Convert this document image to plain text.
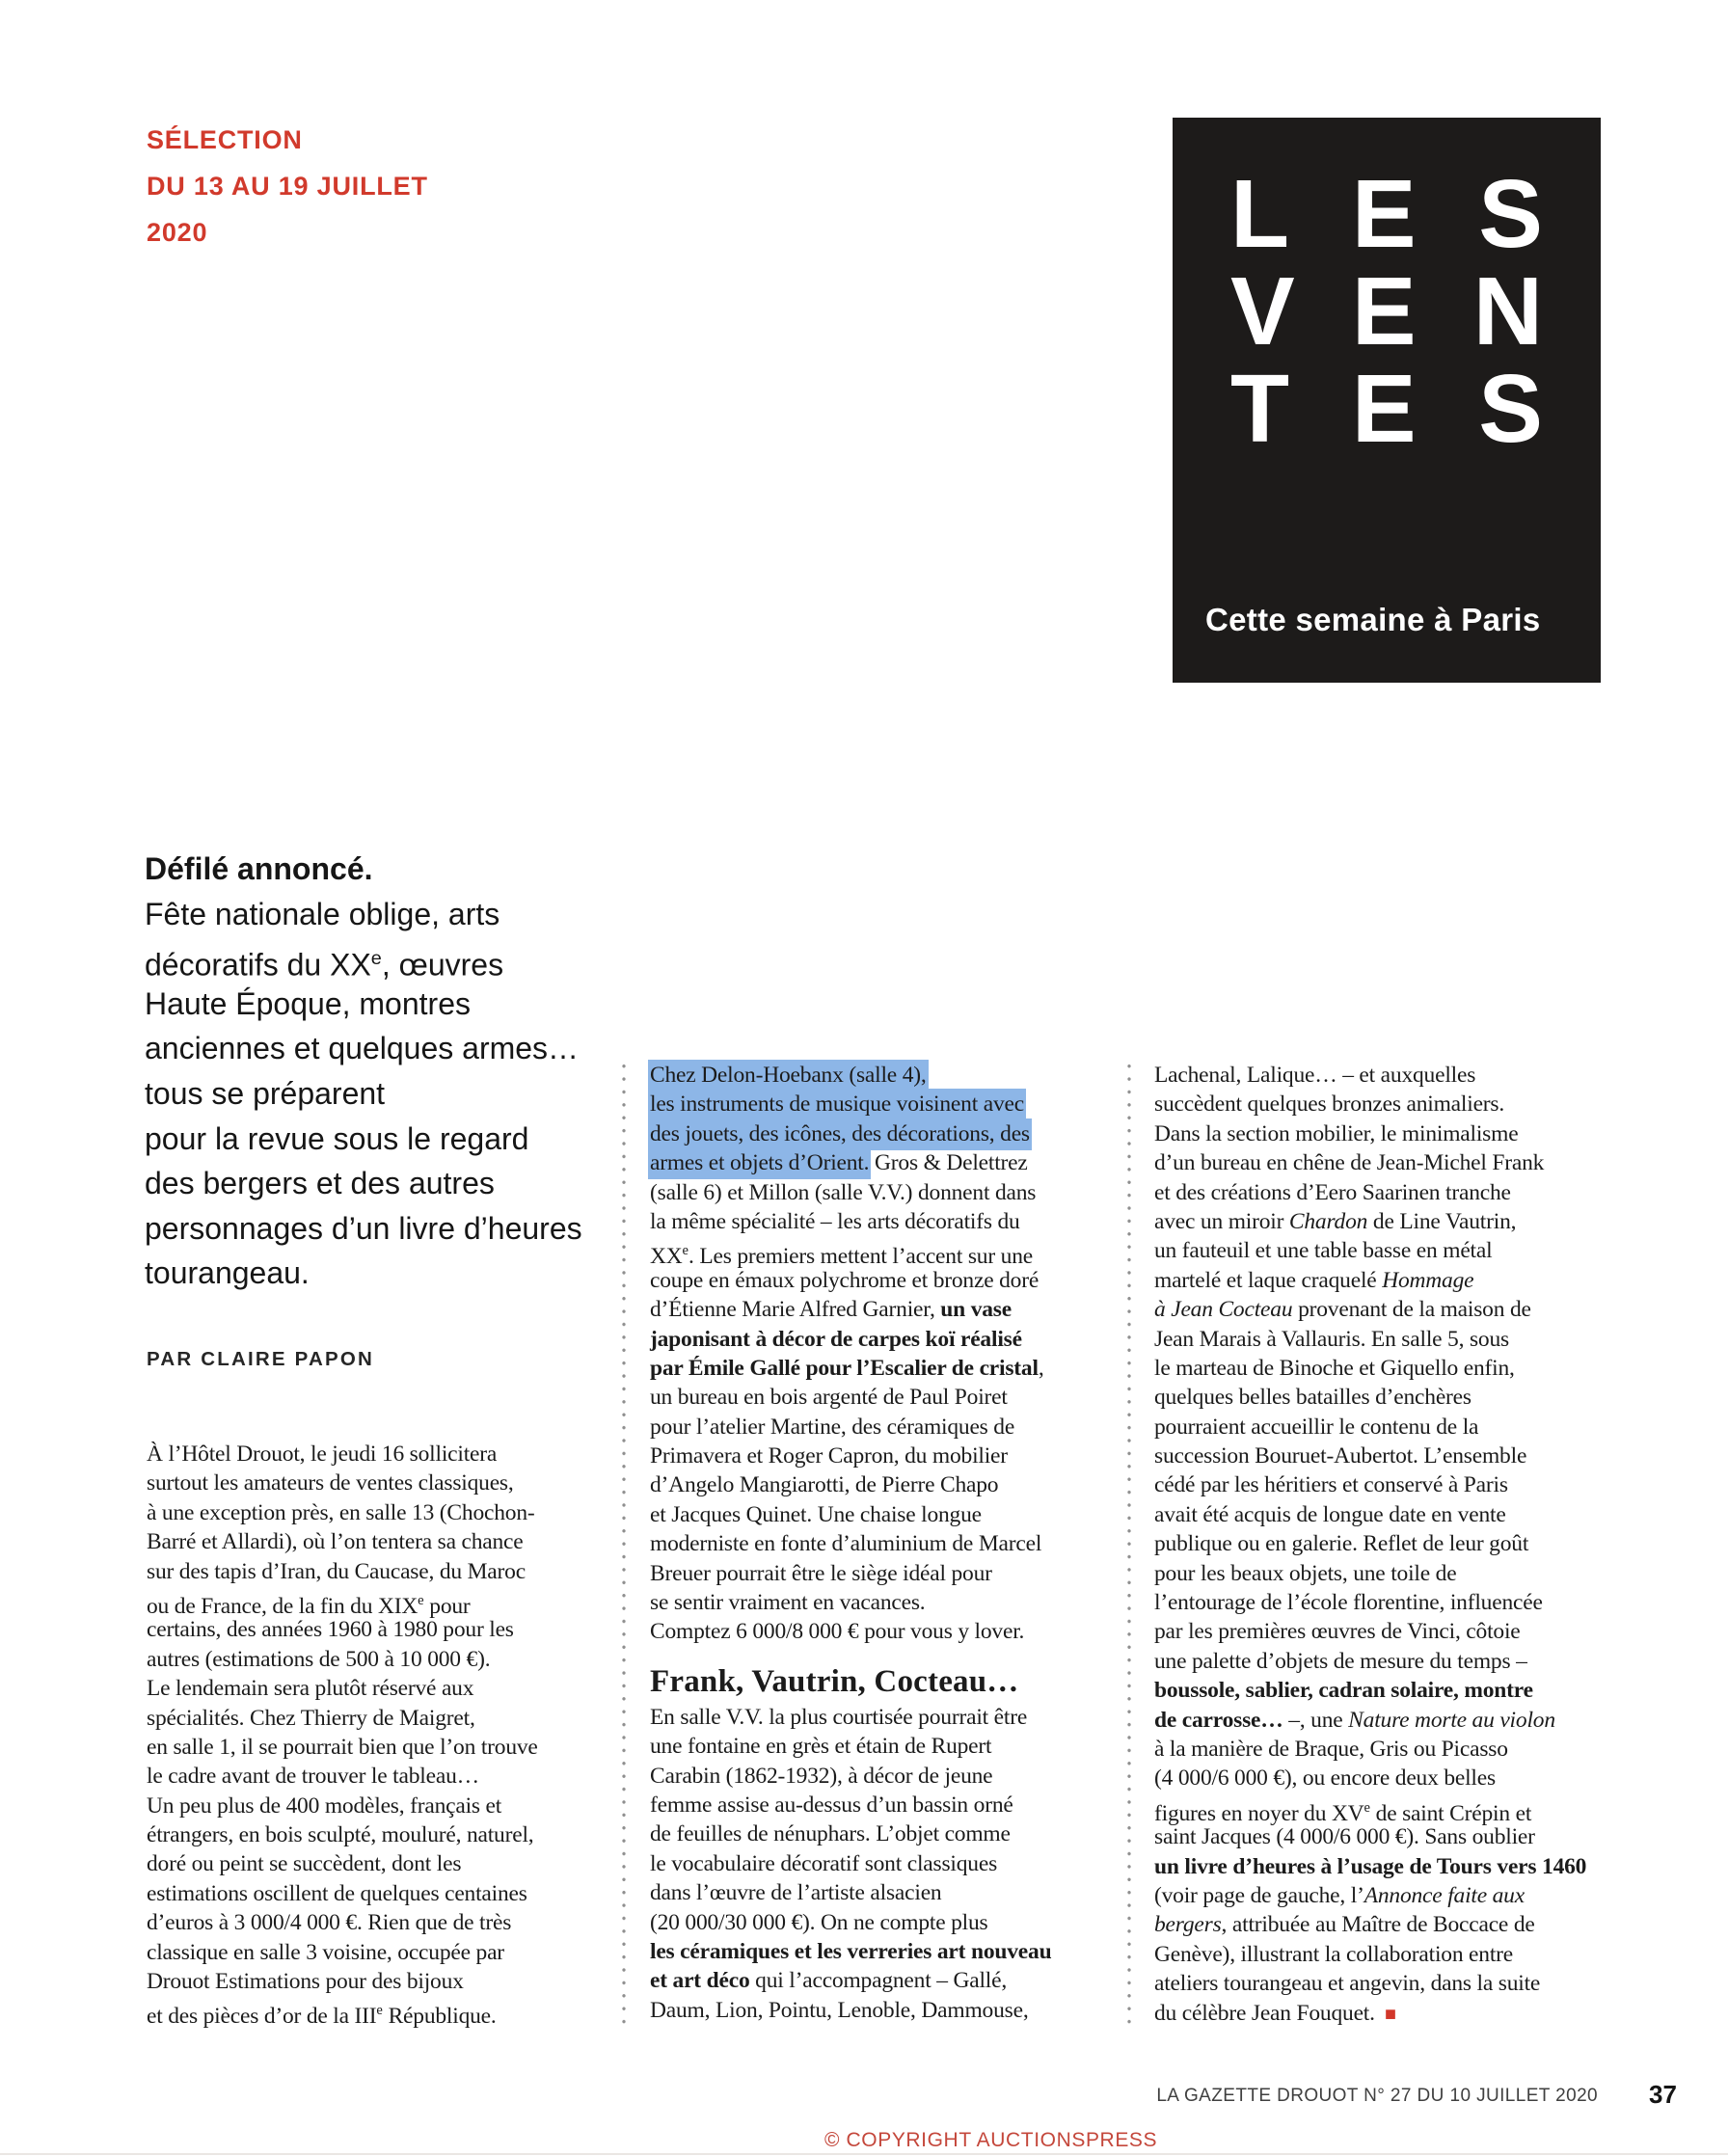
SÉLECTION
DU 13 AU 19 JUILLET
2020	L E S
V E N
T E S
Cette semaine à Paris
Défilé annoncé.
Fête nationale oblige, arts
décoratifs du XXe, œuvres
Haute Époque, montres
anciennes et quelques armes…
tous se préparent
pour la revue sous le regard
des bergers et des autres
personnages d’un livre d’heures
tourangeau.
PAR CLAIRE PAPON
À l’Hôtel Drouot, le jeudi 16 sollicitera
surtout les amateurs de ventes classiques,
à une exception près, en salle 13 (Chochon-
Barré et Allardi), où l’on tentera sa chance
sur des tapis d’Iran, du Caucase, du Maroc
ou de France, de la fin du XIXe pour
certains, des années 1960 à 1980 pour les
autres (estimations de 500 à 10 000 €).
Le lendemain sera plutôt réservé aux
spécialités. Chez Thierry de Maigret,
en salle 1, il se pourrait bien que l’on trouve
le cadre avant de trouver le tableau…
Un peu plus de 400 modèles, français et
étrangers, en bois sculpté, mouluré, naturel,
doré ou peint se succèdent, dont les
estimations oscillent de quelques centaines
d’euros à 3 000/4 000 €. Rien que de très
classique en salle 3 voisine, occupée par
Drouot Estimations pour des bijoux
et des pièces d’or de la IIIe République.
Chez Delon-Hoebanx (salle 4),
les instruments de musique voisinent avec
des jouets, des icônes, des décorations, des
armes et objets d’Orient. Gros & Delettrez
(salle 6) et Millon (salle V.V.) donnent dans
la même spécialité – les arts décoratifs du
XXe. Les premiers mettent l’accent sur une
coupe en émaux polychrome et bronze doré
d’Étienne Marie Alfred Garnier, un vase
japonisant à décor de carpes koï réalisé
par Émile Gallé pour l’Escalier de cristal,
un bureau en bois argenté de Paul Poiret
pour l’atelier Martine, des céramiques de
Primavera et Roger Capron, du mobilier
d’Angelo Mangiarotti, de Pierre Chapo
et Jacques Quinet. Une chaise longue
moderniste en fonte d’aluminium de Marcel
Breuer pourrait être le siège idéal pour
se sentir vraiment en vacances.
Comptez 6 000/8 000 € pour vous y lover.
Frank, Vautrin, Cocteau…
En salle V.V. la plus courtisée pourrait être
une fontaine en grès et étain de Rupert
Carabin (1862-1932), à décor de jeune
femme assise au-dessus d’un bassin orné
de feuilles de nénuphars. L’objet comme
le vocabulaire décoratif sont classiques
dans l’œuvre de l’artiste alsacien
(20 000/30 000 €). On ne compte plus
les céramiques et les verreries art nouveau
et art déco qui l’accompagnent – Gallé,
Daum, Lion, Pointu, Lenoble, Dammouse,
Lachenal, Lalique… – et auxquelles
succèdent quelques bronzes animaliers.
Dans la section mobilier, le minimalisme
d’un bureau en chêne de Jean-Michel Frank
et des créations d’Eero Saarinen tranche
avec un miroir Chardon de Line Vautrin,
un fauteuil et une table basse en métal
martelé et laque craquelé Hommage
à Jean Cocteau provenant de la maison de
Jean Marais à Vallauris. En salle 5, sous
le marteau de Binoche et Giquello enfin,
quelques belles batailles d’enchères
pourraient accueillir le contenu de la
succession Bouruet-Aubertot. L’ensemble
cédé par les héritiers et conservé à Paris
avait été acquis de longue date en vente
publique ou en galerie. Reflet de leur goût
pour les beaux objets, une toile de
l’entourage de l’école florentine, influencée
par les premières œuvres de Vinci, côtoie
une palette d’objets de mesure du temps –
boussole, sablier, cadran solaire, montre
de carrosse… –, une Nature morte au violon
à la manière de Braque, Gris ou Picasso
(4 000/6 000 €), ou encore deux belles
figures en noyer du XVe de saint Crépin et
saint Jacques (4 000/6 000 €). Sans oublier
un livre d’heures à l’usage de Tours vers 1460
(voir page de gauche, l’Annonce faite aux
bergers, attribuée au Maître de Boccace de
Genève), illustrant la collaboration entre
ateliers tourangeau et angevin, dans la suite
du célèbre Jean Fouquet. ■
LA GAZETTE DROUOT N° 27 DU 10 JUILLET 2020 37
© COPYRIGHT AUCTIONSPRESS
